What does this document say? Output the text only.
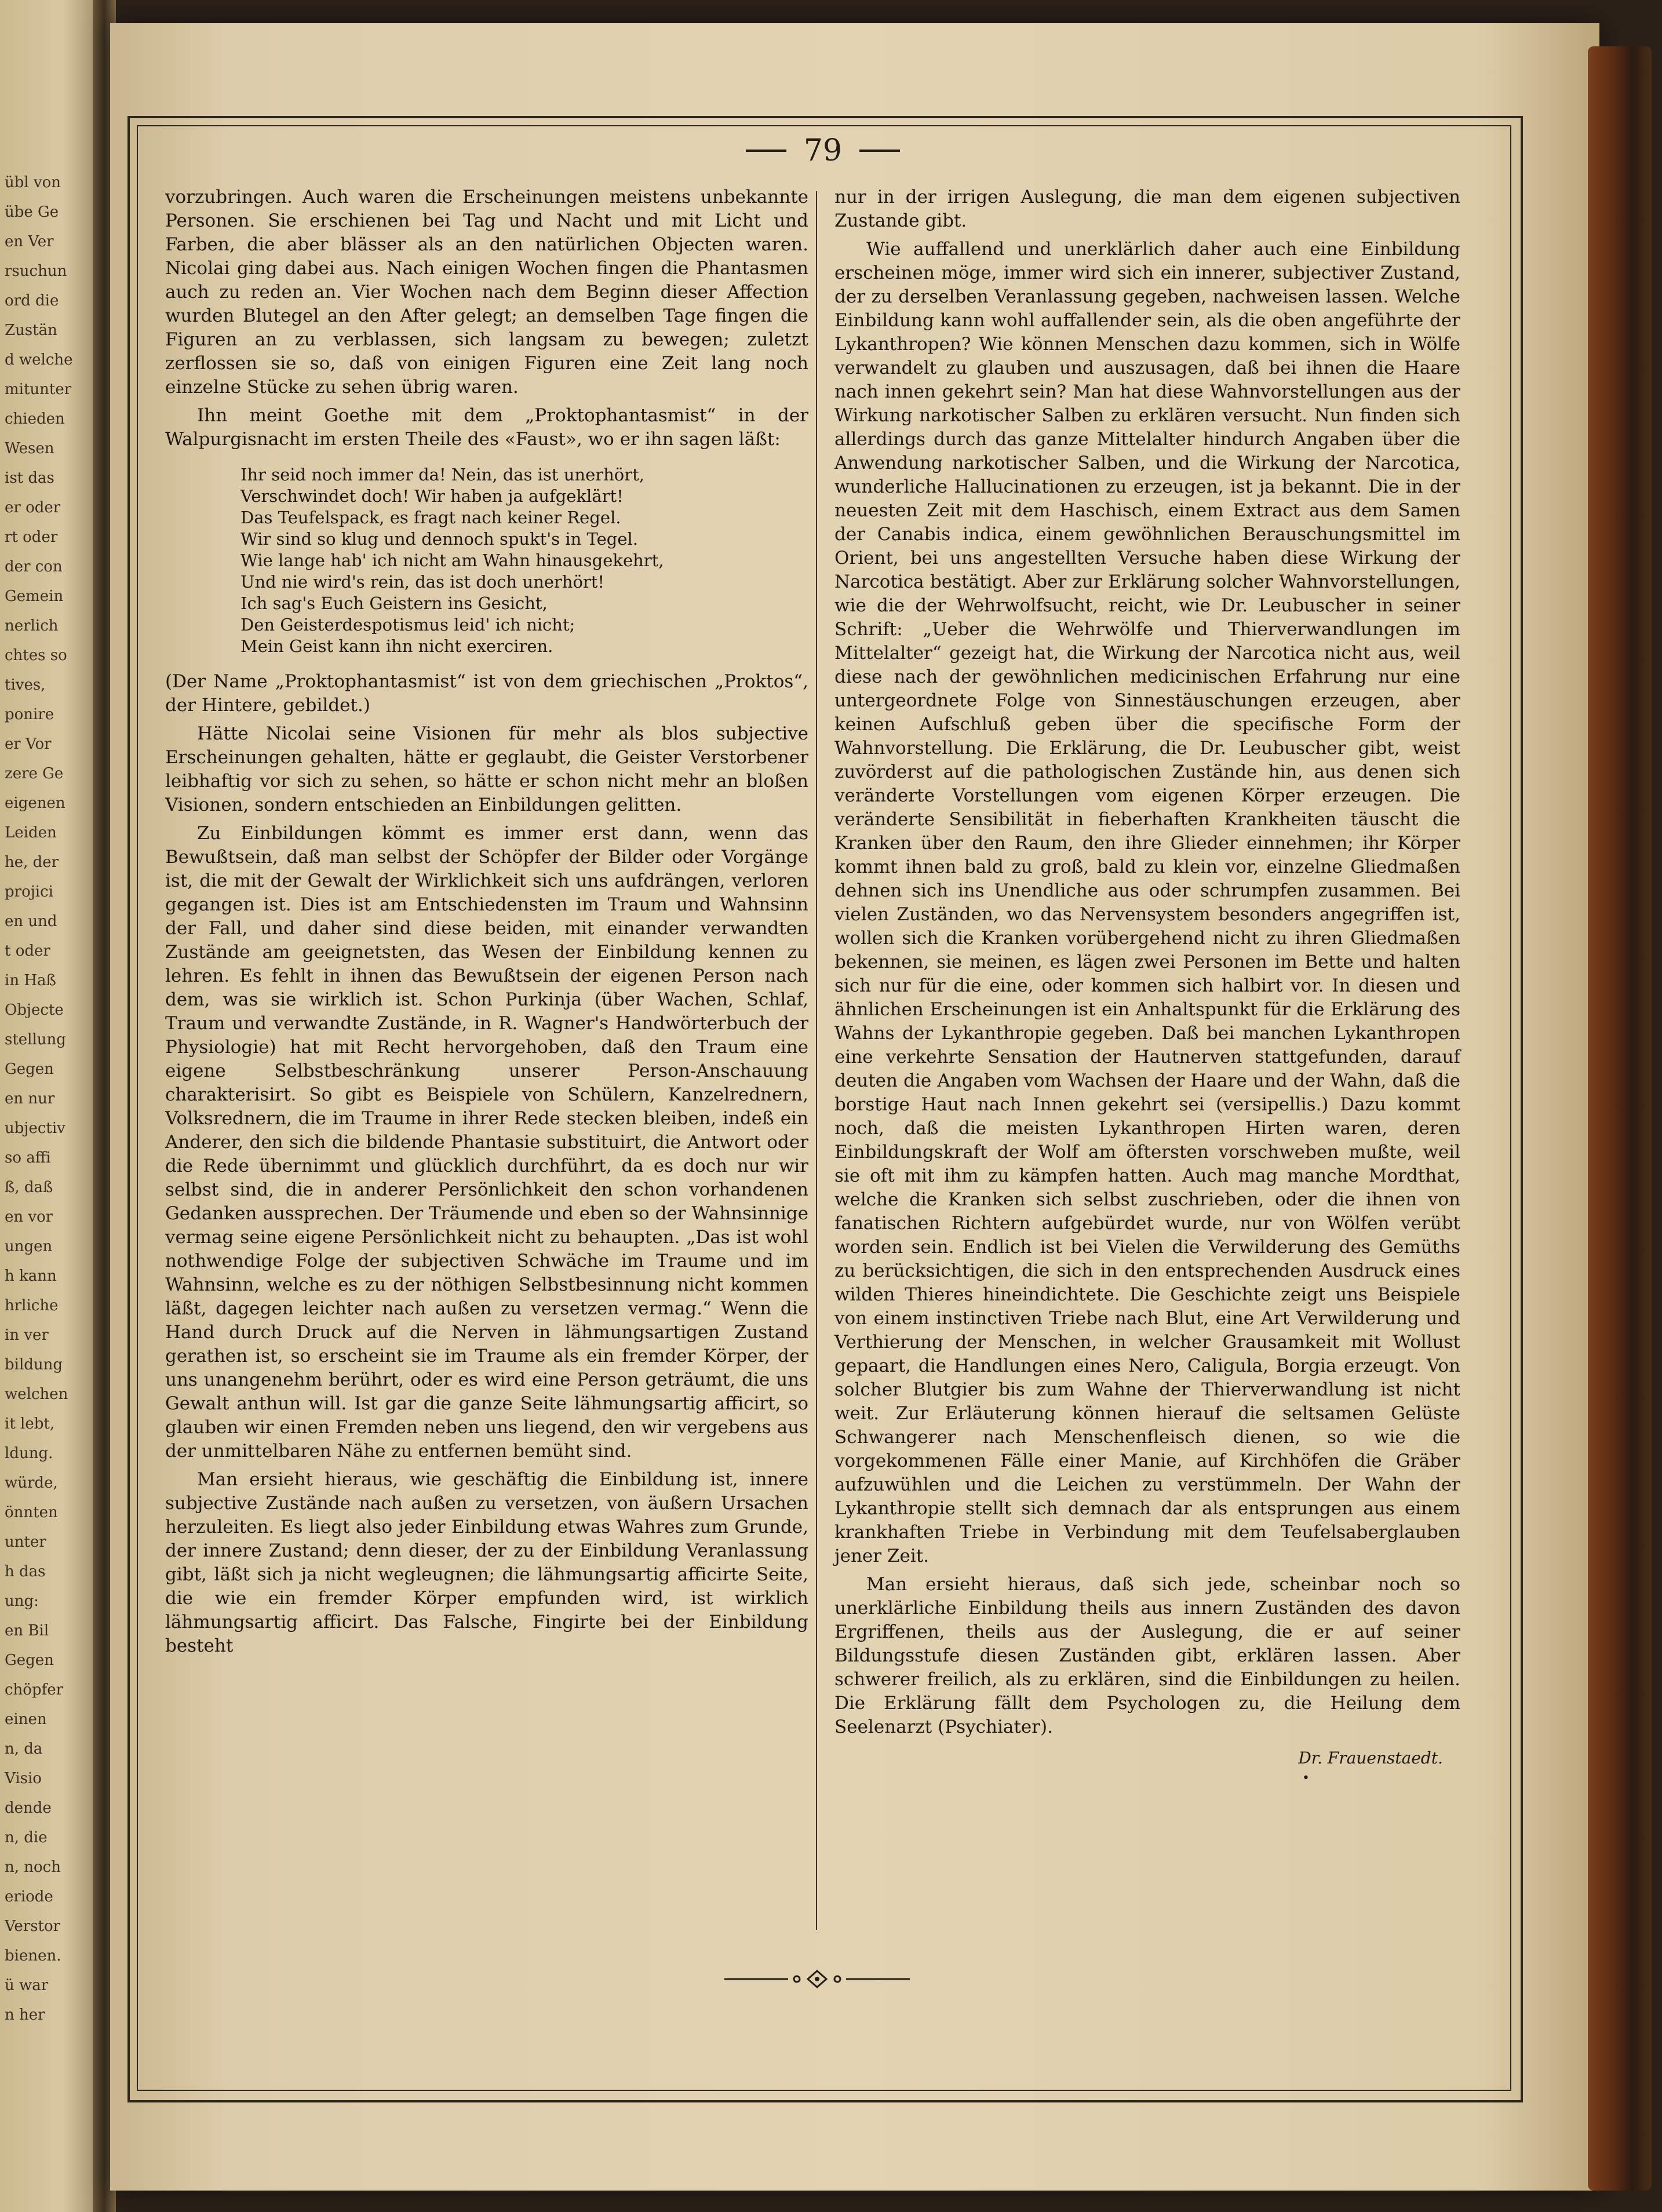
übl von
übe Ge
en Ver
rsuchun
ord die
Zustän
d welche
mitunter
chieden
Wesen
ist das
er oder
rt oder
der con
Gemein
nerlich
chtes so
tives,
ponire
er Vor
zere Ge
eigenen
Leiden
he, der
projici
en und
t oder
in Haß
Objecte
stellung
Gegen
en nur
ubjectiv
so affi
ß, daß
en vor
ungen
h kann
hrliche
in ver
bildung
welchen
it lebt,
ldung.
würde,
önnten
unter
h das
ung:
en Bil
Gegen
chöpfer
einen
n, da
Visio
dende
n, die
n, noch
eriode
Verstor
bienen.
ü war
n her
79

vorzubringen. Auch waren die Erscheinungen meistens unbekannte Personen. Sie erschienen bei Tag und Nacht und mit Licht und Farben, die aber blässer als an den natürlichen Objecten waren. Nicolai ging dabei aus. Nach einigen Wochen fingen die Phantasmen auch zu reden an. Vier Wochen nach dem Beginn dieser Affection wurden Blutegel an den After gelegt; an demselben Tage fingen die Figuren an zu verblassen, sich langsam zu bewegen; zuletzt zerflossen sie so, daß von einigen Figuren eine Zeit lang noch einzelne Stücke zu sehen übrig waren.

Ihn meint Goethe mit dem „Proktophantasmist“ in der Walpurgisnacht im ersten Theile des «Faust», wo er ihn sagen läßt:

Ihr seid noch immer da! Nein, das ist unerhört,
Verschwindet doch! Wir haben ja aufgeklärt!
Das Teufelspack, es fragt nach keiner Regel.
Wir sind so klug und dennoch spukt's in Tegel.
Wie lange hab' ich nicht am Wahn hinausgekehrt,
Und nie wird's rein, das ist doch unerhört!
Ich sag's Euch Geistern ins Gesicht,
Den Geisterdespotismus leid' ich nicht;
Mein Geist kann ihn nicht exerciren.

(Der Name „Proktophantasmist“ ist von dem griechischen „Proktos“, der Hintere, gebildet.)

Hätte Nicolai seine Visionen für mehr als blos subjective Erscheinungen gehalten, hätte er geglaubt, die Geister Verstorbener leibhaftig vor sich zu sehen, so hätte er schon nicht mehr an bloßen Visionen, sondern entschieden an Einbildungen gelitten.

Zu Einbildungen kömmt es immer erst dann, wenn das Bewußtsein, daß man selbst der Schöpfer der Bilder oder Vorgänge ist, die mit der Gewalt der Wirklichkeit sich uns aufdrängen, verloren gegangen ist. Dies ist am Entschiedensten im Traum und Wahnsinn der Fall, und daher sind diese beiden, mit einander verwandten Zustände am geeignetsten, das Wesen der Einbildung kennen zu lehren. Es fehlt in ihnen das Bewußtsein der eigenen Person nach dem, was sie wirklich ist. Schon Purkinja (über Wachen, Schlaf, Traum und verwandte Zustände, in R. Wagner's Handwörterbuch der Physiologie) hat mit Recht hervorgehoben, daß den Traum eine eigene Selbstbeschränkung unserer Person-Anschauung charakterisirt. So gibt es Beispiele von Schülern, Kanzelrednern, Volksrednern, die im Traume in ihrer Rede stecken bleiben, indeß ein Anderer, den sich die bildende Phantasie substituirt, die Antwort oder die Rede übernimmt und glücklich durchführt, da es doch nur wir selbst sind, die in anderer Persönlichkeit den schon vorhandenen Gedanken aussprechen. Der Träumende und eben so der Wahnsinnige vermag seine eigene Persönlichkeit nicht zu behaupten. „Das ist wohl nothwendige Folge der subjectiven Schwäche im Traume und im Wahnsinn, welche es zu der nöthigen Selbstbesinnung nicht kommen läßt, dagegen leichter nach außen zu versetzen vermag.“ Wenn die Hand durch Druck auf die Nerven in lähmungsartigen Zustand gerathen ist, so erscheint sie im Traume als ein fremder Körper, der uns unangenehm berührt, oder es wird eine Person geträumt, die uns Gewalt anthun will. Ist gar die ganze Seite lähmungsartig afficirt, so glauben wir einen Fremden neben uns liegend, den wir vergebens aus der unmittelbaren Nähe zu entfernen bemüht sind.

Man ersieht hieraus, wie geschäftig die Einbildung ist, innere subjective Zustände nach außen zu versetzen, von äußern Ursachen herzuleiten. Es liegt also jeder Einbildung etwas Wahres zum Grunde, der innere Zustand; denn dieser, der zu der Einbildung Veranlassung gibt, läßt sich ja nicht wegleugnen; die lähmungsartig afficirte Seite, die wie ein fremder Körper empfunden wird, ist wirklich lähmungsartig afficirt. Das Falsche, Fingirte bei der Einbildung besteht

nur in der irrigen Auslegung, die man dem eigenen subjectiven Zustande gibt.

Wie auffallend und unerklärlich daher auch eine Einbildung erscheinen möge, immer wird sich ein innerer, subjectiver Zustand, der zu derselben Veranlassung gegeben, nachweisen lassen. Welche Einbildung kann wohl auffallender sein, als die oben angeführte der Lykanthropen? Wie können Menschen dazu kommen, sich in Wölfe verwandelt zu glauben und auszusagen, daß bei ihnen die Haare nach innen gekehrt sein? Man hat diese Wahnvorstellungen aus der Wirkung narkotischer Salben zu erklären versucht. Nun finden sich allerdings durch das ganze Mittelalter hindurch Angaben über die Anwendung narkotischer Salben, und die Wirkung der Narcotica, wunderliche Hallucinationen zu erzeugen, ist ja bekannt. Die in der neuesten Zeit mit dem Haschisch, einem Extract aus dem Samen der Canabis indica, einem gewöhnlichen Berauschungsmittel im Orient, bei uns angestellten Versuche haben diese Wirkung der Narcotica bestätigt. Aber zur Erklärung solcher Wahnvorstellungen, wie die der Wehrwolfsucht, reicht, wie Dr. Leubuscher in seiner Schrift: „Ueber die Wehrwölfe und Thierverwandlungen im Mittelalter“ gezeigt hat, die Wirkung der Narcotica nicht aus, weil diese nach der gewöhnlichen medicinischen Erfahrung nur eine untergeordnete Folge von Sinnestäuschungen erzeugen, aber keinen Aufschluß geben über die specifische Form der Wahnvorstellung. Die Erklärung, die Dr. Leubuscher gibt, weist zuvörderst auf die pathologischen Zustände hin, aus denen sich veränderte Vorstellungen vom eigenen Körper erzeugen. Die veränderte Sensibilität in fieberhaften Krankheiten täuscht die Kranken über den Raum, den ihre Glieder einnehmen; ihr Körper kommt ihnen bald zu groß, bald zu klein vor, einzelne Gliedmaßen dehnen sich ins Unendliche aus oder schrumpfen zusammen. Bei vielen Zuständen, wo das Nervensystem besonders angegriffen ist, wollen sich die Kranken vorübergehend nicht zu ihren Gliedmaßen bekennen, sie meinen, es lägen zwei Personen im Bette und halten sich nur für die eine, oder kommen sich halbirt vor. In diesen und ähnlichen Erscheinungen ist ein Anhaltspunkt für die Erklärung des Wahns der Lykanthropie gegeben. Daß bei manchen Lykanthropen eine verkehrte Sensation der Hautnerven stattgefunden, darauf deuten die Angaben vom Wachsen der Haare und der Wahn, daß die borstige Haut nach Innen gekehrt sei (versipellis.) Dazu kommt noch, daß die meisten Lykanthropen Hirten waren, deren Einbildungskraft der Wolf am öftersten vorschweben mußte, weil sie oft mit ihm zu kämpfen hatten. Auch mag manche Mordthat, welche die Kranken sich selbst zuschrieben, oder die ihnen von fanatischen Richtern aufgebürdet wurde, nur von Wölfen verübt worden sein. Endlich ist bei Vielen die Verwilderung des Gemüths zu berücksichtigen, die sich in den entsprechenden Ausdruck eines wilden Thieres hineindichtete. Die Geschichte zeigt uns Beispiele von einem instinctiven Triebe nach Blut, eine Art Verwilderung und Verthierung der Menschen, in welcher Grausamkeit mit Wollust gepaart, die Handlungen eines Nero, Caligula, Borgia erzeugt. Von solcher Blutgier bis zum Wahne der Thierverwandlung ist nicht weit. Zur Erläuterung können hierauf die seltsamen Gelüste Schwangerer nach Menschenfleisch dienen, so wie die vorgekommenen Fälle einer Manie, auf Kirchhöfen die Gräber aufzuwühlen und die Leichen zu verstümmeln. Der Wahn der Lykanthropie stellt sich demnach dar als entsprungen aus einem krankhaften Triebe in Verbindung mit dem Teufelsaberglauben jener Zeit.

Man ersieht hieraus, daß sich jede, scheinbar noch so unerklärliche Einbildung theils aus innern Zuständen des davon Ergriffenen, theils aus der Auslegung, die er auf seiner Bildungsstufe diesen Zuständen gibt, erklären lassen. Aber schwerer freilich, als zu erklären, sind die Einbildungen zu heilen. Die Erklärung fällt dem Psychologen zu, die Heilung dem Seelenarzt (Psychiater).

Dr. Frauenstaedt.
•
